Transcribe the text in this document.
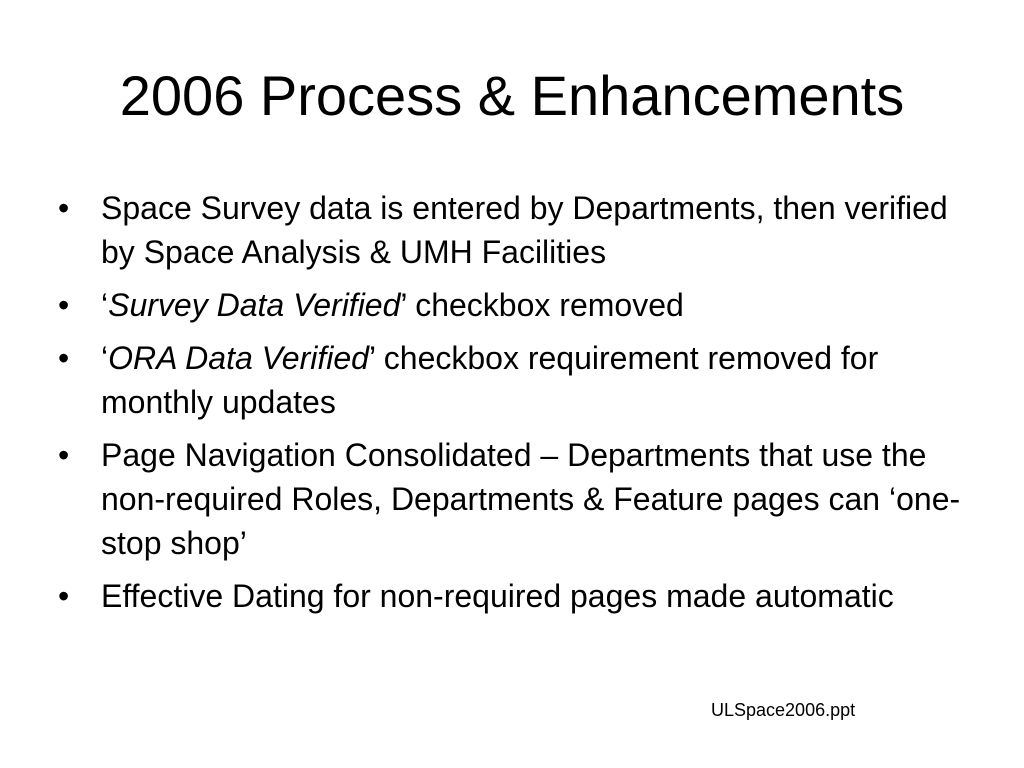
2006 Process & Enhancements
• Space Survey data is entered by Departments, then verified by Space Analysis & UMH Facilities
• ‘Survey Data Verified’ checkbox removed
• ‘ORA Data Verified’ checkbox requirement removed for monthly updates
• Page Navigation Consolidated – Departments that use the non-required Roles, Departments & Feature pages can ‘one-stop shop’
• Effective Dating for non-required pages made automatic
ULSpace2006.ppt
